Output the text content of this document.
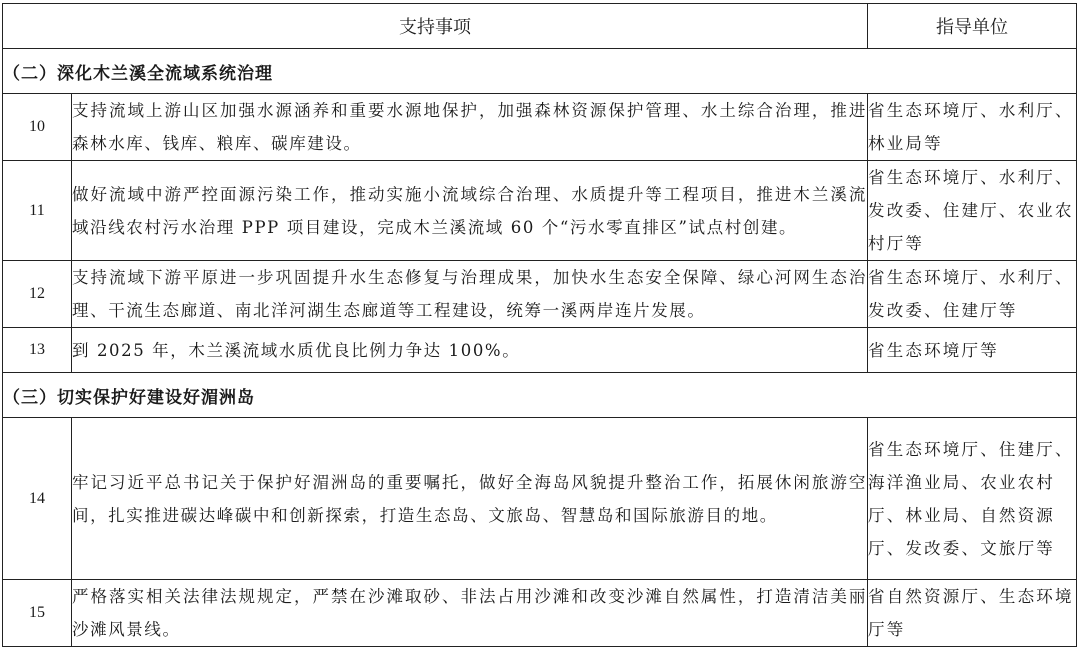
支持事项		指导单位
（二）深化木兰溪全流域系统治理		
10	支持流域上游山区加强水源涵养和重要水源地保护，加强森林资源保护管理、水土综合治理，推进森林水库、钱库、粮库、碳库建设。	省生态环境厅、水利厅、林业局等
11	做好流域中游严控面源污染工作，推动实施小流域综合治理、水质提升等工程项目，推进木兰溪流域沿线农村污水治理 PPP 项目建设，完成木兰溪流域 60 个“污水零直排区”试点村创建。	省生态环境厅、水利厅、发改委、住建厅、农业农村厅等
12	支持流域下游平原进一步巩固提升水生态修复与治理成果，加快水生态安全保障、绿心河网生态治理、干流生态廊道、南北洋河湖生态廊道等工程建设，统筹一溪两岸连片发展。	省生态环境厅、水利厅、发改委、住建厅等
13	到 2025 年，木兰溪流域水质优良比例力争达 100%。	省生态环境厅等
（三）切实保护好建设好湄洲岛		
14	牢记习近平总书记关于保护好湄洲岛的重要嘱托，做好全海岛风貌提升整治工作，拓展休闲旅游空间，扎实推进碳达峰碳中和创新探索，打造生态岛、文旅岛、智慧岛和国际旅游目的地。	省生态环境厅、住建厅、海洋渔业局、农业农村厅、林业局、自然资源厅、发改委、文旅厅等
15	严格落实相关法律法规规定，严禁在沙滩取砂、非法占用沙滩和改变沙滩自然属性，打造清洁美丽沙滩风景线。	省自然资源厅、生态环境厅等
